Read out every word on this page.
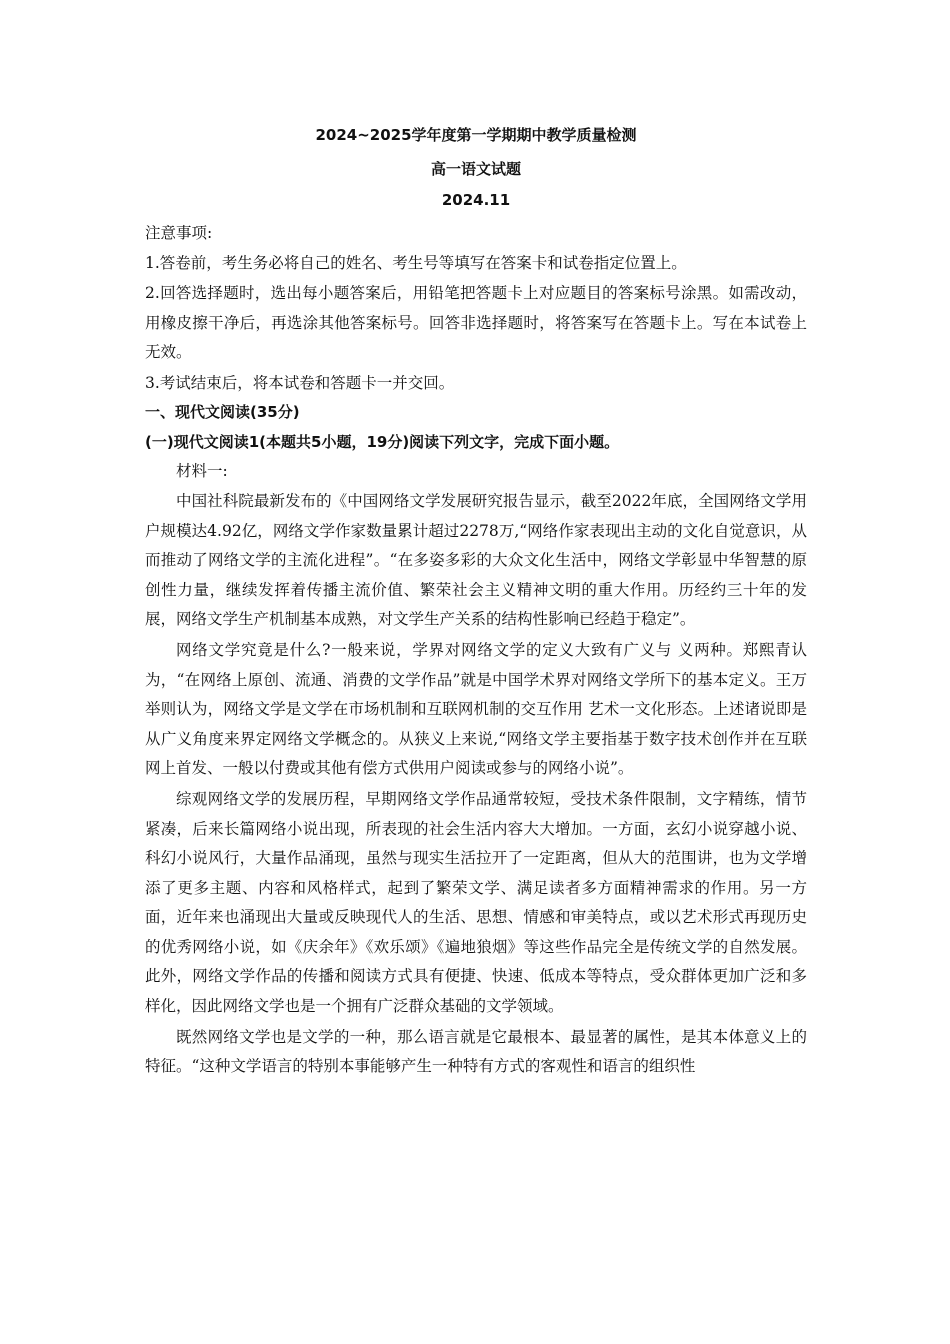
2024~2025学年度第一学期期中教学质量检测
高一语文试题
2024.11
注意事项:
1.答卷前，考生务必将自己的姓名、考生号等填写在答案卡和试卷指定位置上。
2.回答选择题时，选出每小题答案后，用铅笔把答题卡上对应题目的答案标号涂黑。如需改动，用橡皮擦干净后，再选涂其他答案标号。回答非选择题时，将答案写在答题卡上。写在本试卷上无效。
3.考试结束后，将本试卷和答题卡一并交回。
一、现代文阅读(35分)
(一)现代文阅读1(本题共5小题，19分)阅读下列文字，完成下面小题。
材料一:

中国社科院最新发布的《中国网络文学发展研究报告显示，截至2022年底，全国网络文学用户规模达4.92亿，网络文学作家数量累计超过2278万,“网络作家表现出主动的文化自觉意识，从而推动了网络文学的主流化进程”。“在多姿多彩的大众文化生活中，网络文学彰显中华智慧的原创性力量，继续发挥着传播主流价值、繁荣社会主义精神文明的重大作用。历经约三十年的发展，网络文学生产机制基本成熟，对文学生产关系的结构性影响已经趋于稳定”。

网络文学究竟是什么?一般来说，学界对网络文学的定义大致有广义与 义两种。郑熙青认为，“在网络上原创、流通、消费的文学作品”就是中国学术界对网络文学所下的基本定义。王万举则认为，网络文学是文学在市场机制和互联网机制的交互作用 艺术一文化形态。上述诸说即是从广义角度来界定网络文学概念的。从狭义上来说,“网络文学主要指基于数字技术创作并在互联网上首发、一般以付费或其他有偿方式供用户阅读或参与的网络小说”。

综观网络文学的发展历程，早期网络文学作品通常较短，受技术条件限制，文字精练，情节紧凑，后来长篇网络小说出现，所表现的社会生活内容大大增加。一方面，玄幻小说穿越小说、科幻小说风行，大量作品涌现，虽然与现实生活拉开了一定距离，但从大的范围讲，也为文学增添了更多主题、内容和风格样式，起到了繁荣文学、满足读者多方面精神需求的作用。另一方面，近年来也涌现出大量或反映现代人的生活、思想、情感和审美特点，或以艺术形式再现历史的优秀网络小说，如《庆余年》《欢乐颂》《遍地狼烟》等这些作品完全是传统文学的自然发展。此外，网络文学作品的传播和阅读方式具有便捷、快速、低成本等特点，受众群体更加广泛和多样化，因此网络文学也是一个拥有广泛群众基础的文学领域。

既然网络文学也是文学的一种，那么语言就是它最根本、最显著的属性，是其本体意义上的特征。“这种文学语言的特别本事能够产生一种特有方式的客观性和语言的组织性
